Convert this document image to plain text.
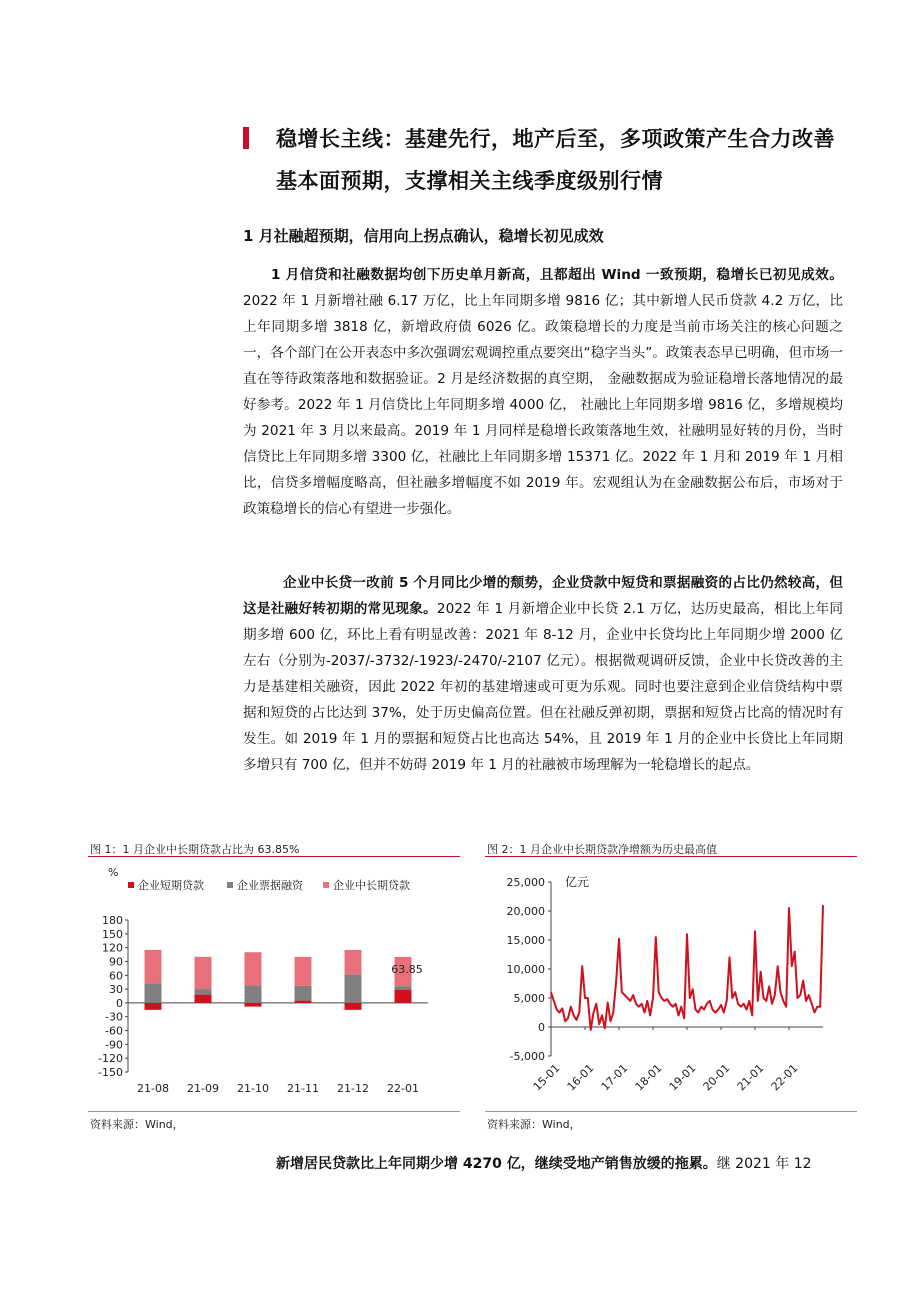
稳增长主线：基建先行，地产后至，多项政策产生合力改善基本面预期，支撑相关主线季度级别行情
1 月社融超预期，信用向上拐点确认，稳增长初见成效
1 月信贷和社融数据均创下历史单月新高，且都超出 Wind 一致预期，稳增长已初见成效。2022 年 1 月新增社融 6.17 万亿，比上年同期多增 9816 亿；其中新增人民币贷款 4.2 万亿，比上年同期多增 3818 亿，新增政府债 6026 亿。政策稳增长的力度是当前市场关注的核心问题之一，各个部门在公开表态中多次强调宏观调控重点要突出“稳字当头”。政策表态早已明确，但市场一直在等待政策落地和数据验证。2 月是经济数据的真空期， 金融数据成为验证稳增长落地情况的最好参考。2022 年 1 月信贷比上年同期多增 4000 亿， 社融比上年同期多增 9816 亿，多增规模均为 2021 年 3 月以来最高。2019 年 1 月同样是稳增长政策落地生效，社融明显好转的月份，当时信贷比上年同期多增 3300 亿，社融比上年同期多增 15371 亿。2022 年 1 月和 2019 年 1 月相比，信贷多增幅度略高，但社融多增幅度不如 2019 年。宏观组认为在金融数据公布后，市场对于政策稳增长的信心有望进一步强化。
企业中长贷一改前 5 个月同比少增的颓势，企业贷款中短贷和票据融资的占比仍然较高，但这是社融好转初期的常见现象。2022 年 1 月新增企业中长贷 2.1 万亿，达历史最高，相比上年同期多增 600 亿，环比上看有明显改善：2021 年 8-12 月，企业中长贷均比上年同期少增 2000 亿左右（分别为-2037/-3732/-1923/-2470/-2107 亿元）。根据微观调研反馈，企业中长贷改善的主力是基建相关融资，因此 2022 年初的基建增速或可更为乐观。同时也要注意到企业信贷结构中票据和短贷的占比达到 37%，处于历史偏高位置。但在社融反弹初期，票据和短贷占比高的情况时有发生。如 2019 年 1 月的票据和短贷占比也高达 54%，且 2019 年 1 月的企业中长贷比上年同期多增只有 700 亿，但并不妨碍 2019 年 1 月的社融被市场理解为一轮稳增长的起点。
图 1：1 月企业中长期贷款占比为 63.85%
%
企业短期贷款	企业票据融资	企业中长期贷款
180
150
120
90
60
30
0
-30
-60
-90
-120
-150
21-08 21-09 21-10 21-11 21-12 22-01
63.85
资料来源：Wind，
图 2：1 月企业中长期贷款净增额为历史最高值
25,000
20,000
15,000
10,000
5,000
0
-5,000
亿元
15-01 16-01 17-01 18-01 19-01 20-01 21-01 22-01
资料来源：Wind，
新增居民贷款比上年同期少增 4270 亿，继续受地产销售放缓的拖累。继 2021 年 12
